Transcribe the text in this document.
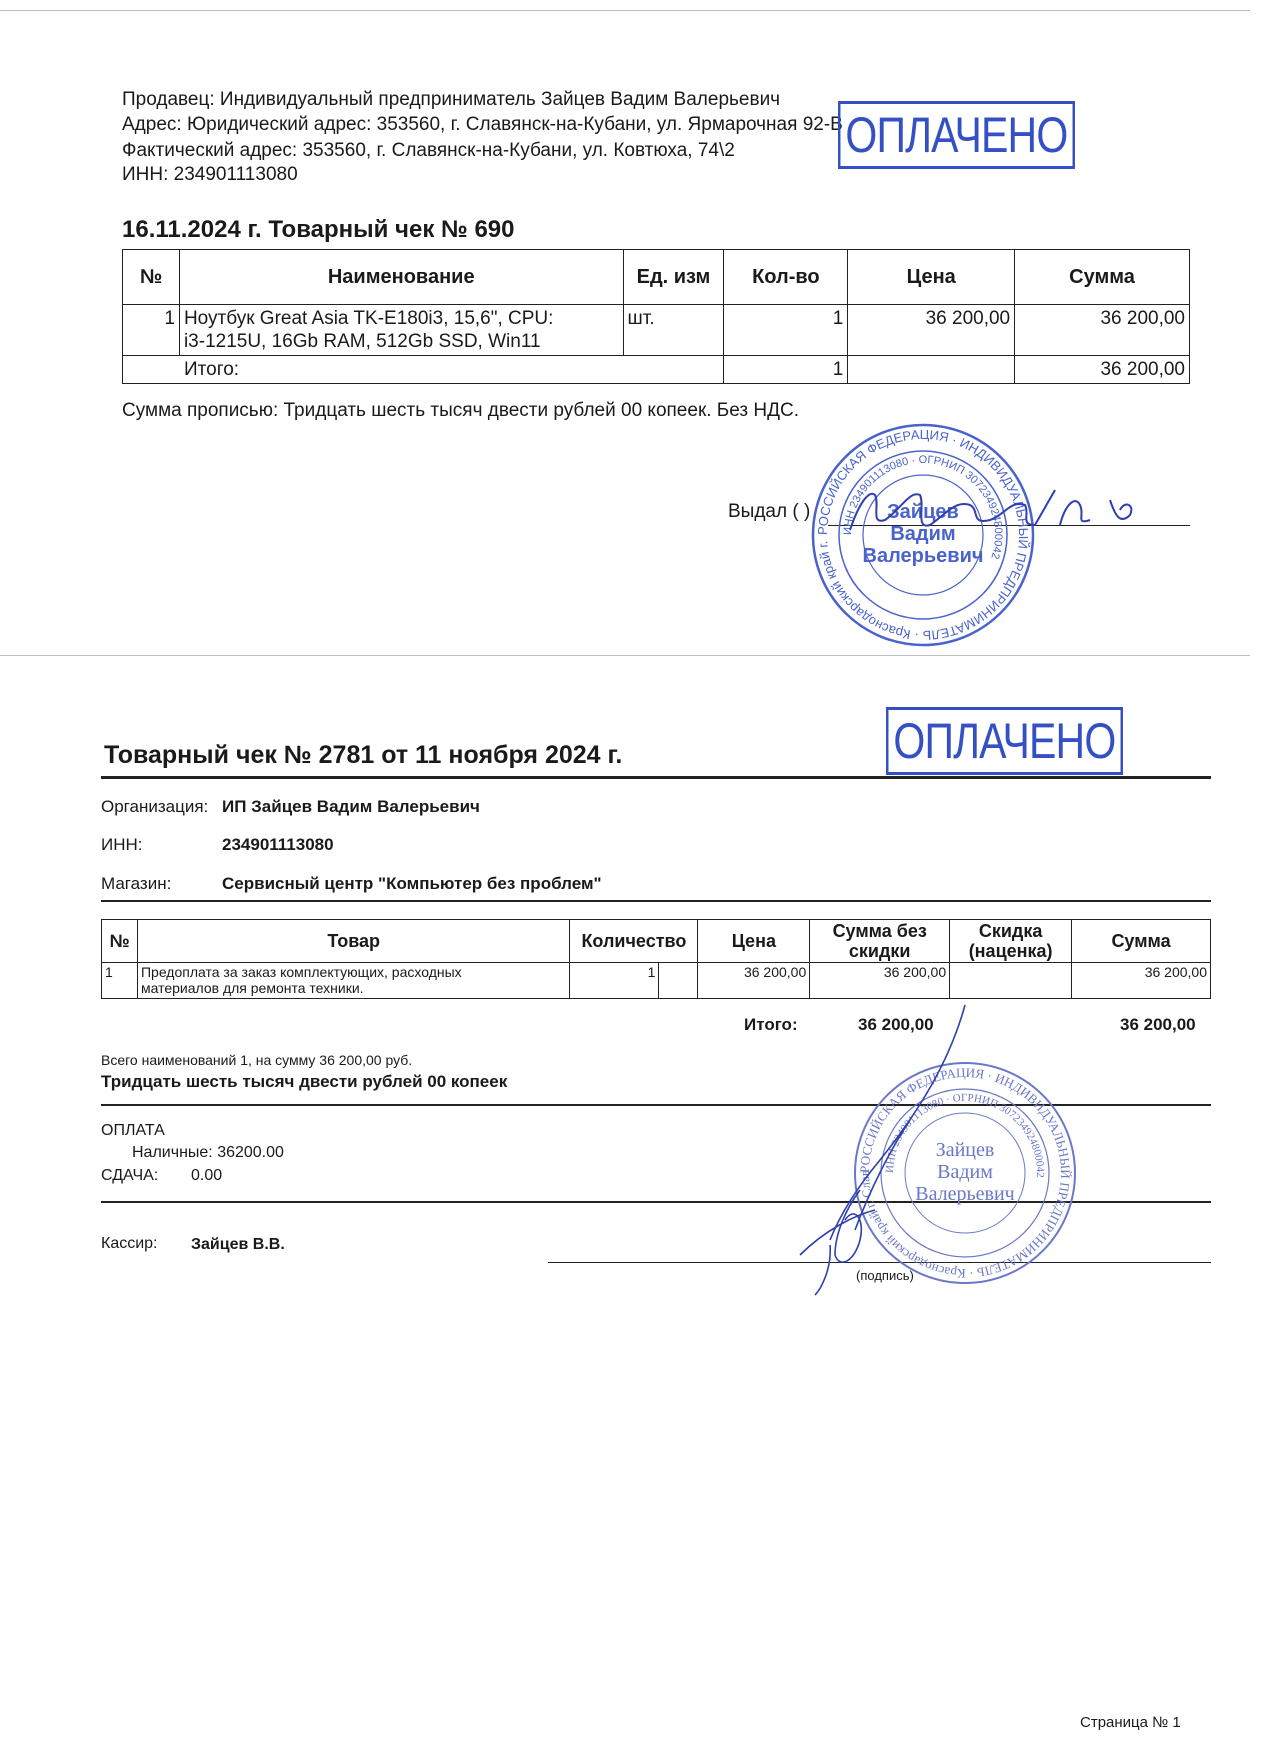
Продавец: Индивидуальный предприниматель Зайцев Вадим Валерьевич
Адрес: Юридический адрес: 353560, г. Славянск-на-Кубани, ул. Ярмарочная 92-В
Фактический адрес: 353560, г. Славянск-на-Кубани, ул. Ковтюха, 74\2
ИНН: 234901113080
ОПЛАЧЕНО
16.11.2024 г. Товарный чек № 690
№	Наименование	Ед. изм	Кол-во	Цена	Сумма
1	Ноутбук Great Asia TK-E180i3, 15,6", CPU:
i3-1215U, 16Gb RAM, 512Gb SSD, Win11	шт.	1	36 200,00	36 200,00
Итого:			1		36 200,00
Сумма прописью: Тридцать шесть тысяч двести рублей 00 копеек. Без НДС.
Выдал ( )
РОССИЙСКАЯ ФЕДЕРАЦИЯ · ИНДИВИДУАЛЬНЫЙ ПРЕДПРИНИМАТЕЛЬ · Краснодарский край г. Славянск-на-Кубани
ИНН 234901113080 · ОГРНИП 307234924800042
Зайцев
Вадим
Валерьевич
Товарный чек № 2781 от 11 ноября 2024 г.	ОПЛАЧЕНО
Организация: ИП Зайцев Вадим Валерьевич
ИНН:	234901113080
Магазин:	Сервисный центр "Компьютер без проблем"
№	Товар	Количество		Цена	Сумма без скидки	Скидка (наценка)	Сумма
1	Предоплата за заказ комплектующих, расходных
материалов для ремонта техники.	1		36 200,00	36 200,00		36 200,00
Итого:	36 200,00	36 200,00
Всего наименований 1, на сумму 36 200,00 руб.
Тридцать шесть тысяч двести рублей 00 копеек
ОПЛАТА
Наличные: 36200.00
СДАЧА: 0.00
Кассир: Зайцев В.В.
(подпись)
РОССИЙСКАЯ ФЕДЕРАЦИЯ · ИНДИВИДУАЛЬНЫЙ ПРЕДПРИНИМАТЕЛЬ · Краснодарский край г. Славянск-на-Кубани
ИНН 234901113080 · ОГРНИП 307234924800042
Зайцев
Вадим
Валерьевич
Страница № 1
